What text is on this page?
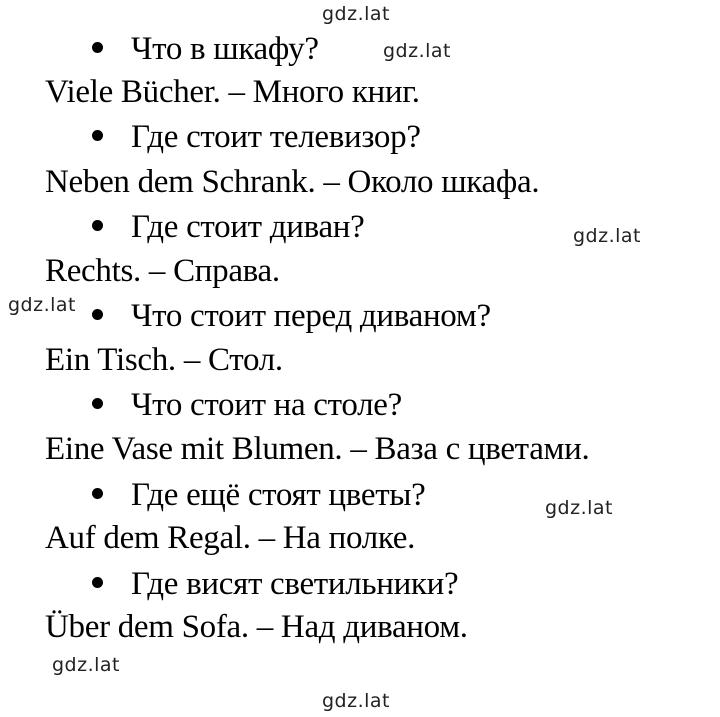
Что в шкафу?
Viele Bücher. – Много книг.
Где стоит телевизор?
Neben dem Schrank. – Около шкафа.
Где стоит диван?
Rechts. – Справа.
Что стоит перед диваном?
Ein Tisch. – Стол.
Что стоит на столе?
Eine Vase mit Blumen. – Ваза с цветами.
Где ещё стоят цветы?
Auf dem Regal. – На полке.
Где висят светильники?
Über dem Sofa. – Над диваном.
gdz.lat
gdz.lat
gdz.lat
gdz.lat
gdz.lat
gdz.lat
gdz.lat
